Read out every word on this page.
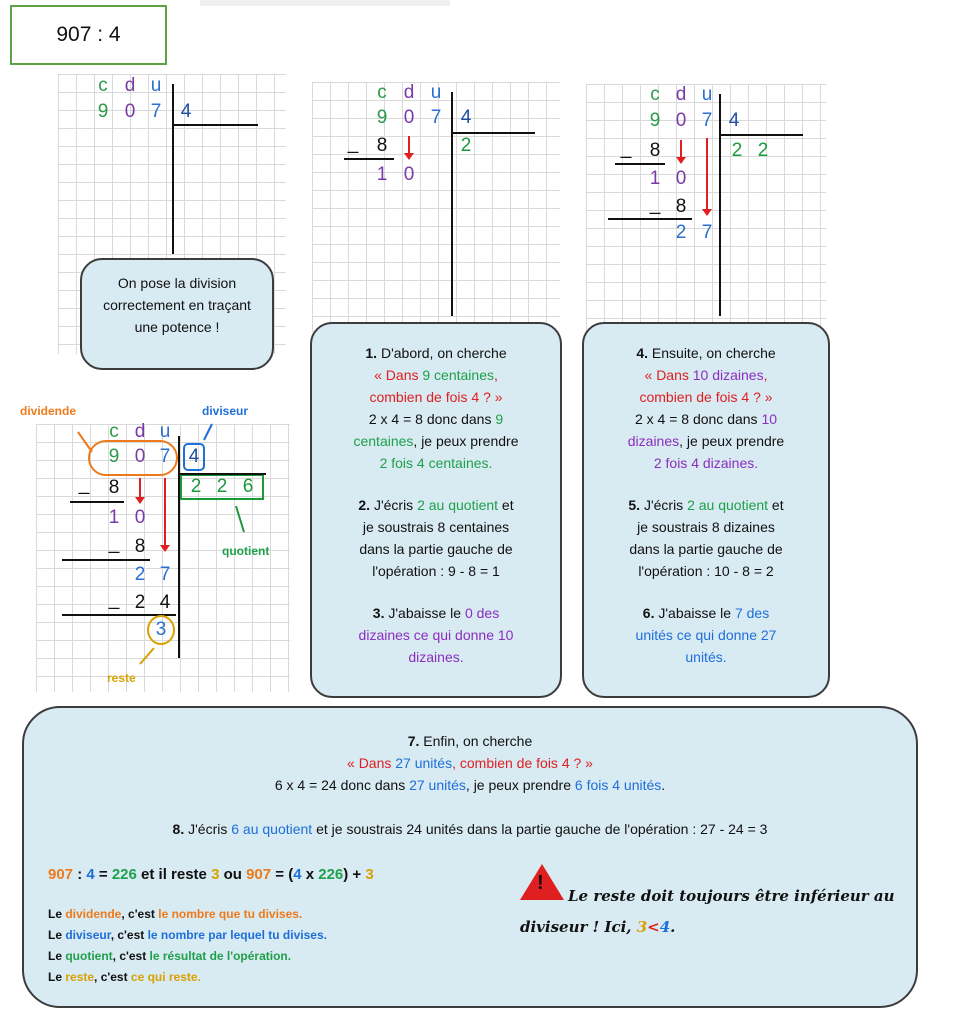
907 : 4
c d u
9 0 7 4
On pose la division correctement en traçant une potence !
c d u
9 0 7 4
_ 8	2
1 0
c d u
9 0 7 4
_ 8	2 2
1 0
_ 8
2 7
dividende	diviseur
quotient
reste
c d u
9 0 7 4
2 2 6
_ 8
1 0
_ 8
2 7
_ 2 4
3

1. D'abord, on cherche

« Dans 9 centaines,

combien de fois 4 ? »

2 x 4 = 8 donc dans 9

centaines, je peux prendre

2 fois 4 centaines.

2. J'écris 2 au quotient et

je soustrais 8 centaines

dans la partie gauche de

l'opération : 9 - 8 = 1

3. J'abaisse le 0 des

dizaines ce qui donne 10

dizaines.

4. Ensuite, on cherche

« Dans 10 dizaines,

combien de fois 4 ? »

2 x 4 = 8 donc dans 10

dizaines, je peux prendre

2 fois 4 dizaines.

5. J'écris 2 au quotient et

je soustrais 8 dizaines

dans la partie gauche de

l'opération : 10 - 8 = 2

6. J'abaisse le 7 des

unités ce qui donne 27

unités.

7. Enfin, on cherche

« Dans 27 unités, combien de fois 4 ? »

6 x 4 = 24 donc dans 27 unités, je peux prendre 6 fois 4 unités.

8. J'écris 6 au quotient et je soustrais 24 unités dans la partie gauche de l'opération : 27 - 24 = 3

907 : 4 = 226 et il reste 3 ou 907 = (4 x 226) + 3
Le dividende, c'est le nombre que tu divises.
Le diviseur, c'est le nombre par lequel tu divises.
Le quotient, c'est le résultat de l'opération.
Le reste, c'est ce qui reste.
!
Le reste doit toujours être inférieur au
diviseur ! Ici, 3<4.
